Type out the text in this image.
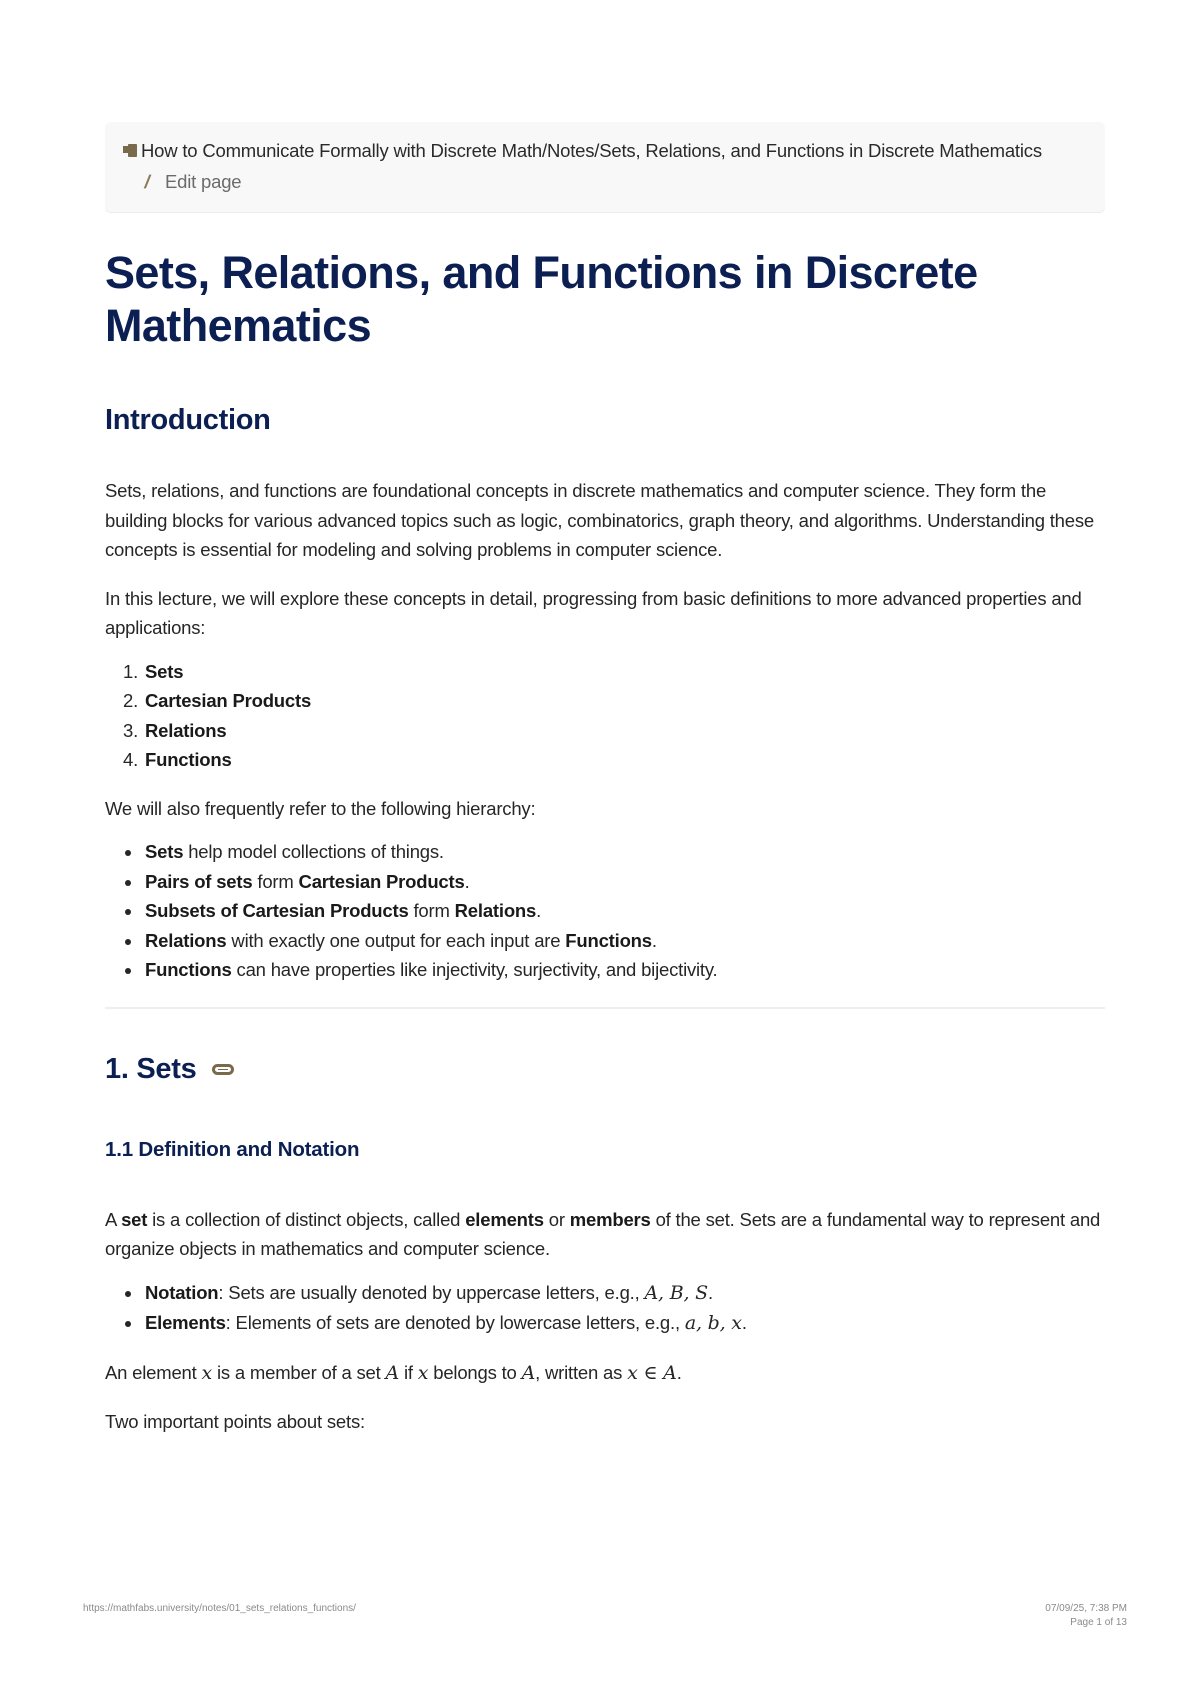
How to Communicate Formally with Discrete Math/Notes/Sets, Relations, and Functions in Discrete Mathematics
/ Edit page
Sets, Relations, and Functions in Discrete Mathematics
Introduction

Sets, relations, and functions are foundational concepts in discrete mathematics and computer science. They form the building blocks for various advanced topics such as logic, combinatorics, graph theory, and algorithms. Understanding these concepts is essential for modeling and solving problems in computer science.

In this lecture, we will explore these concepts in detail, progressing from basic definitions to more advanced properties and applications:

1. Sets
2. Cartesian Products
3. Relations
4. Functions

We will also frequently refer to the following hierarchy:

• Sets help model collections of things.
• Pairs of sets form Cartesian Products.
• Subsets of Cartesian Products form Relations.
• Relations with exactly one output for each input are Functions.
• Functions can have properties like injectivity, surjectivity, and bijectivity.
1. Sets
1.1 Definition and Notation

A set is a collection of distinct objects, called elements or members of the set. Sets are a fundamental way to represent and organize objects in mathematics and computer science.

• Notation: Sets are usually denoted by uppercase letters, e.g., A, B, S.
• Elements: Elements of sets are denoted by lowercase letters, e.g., a, b, x.

An element x is a member of a set A if x belongs to A, written as x ∈ A.

Two important points about sets:

https://mathfabs.university/notes/01_sets_relations_functions/	07/09/25, 7:38 PM
Page 1 of 13
